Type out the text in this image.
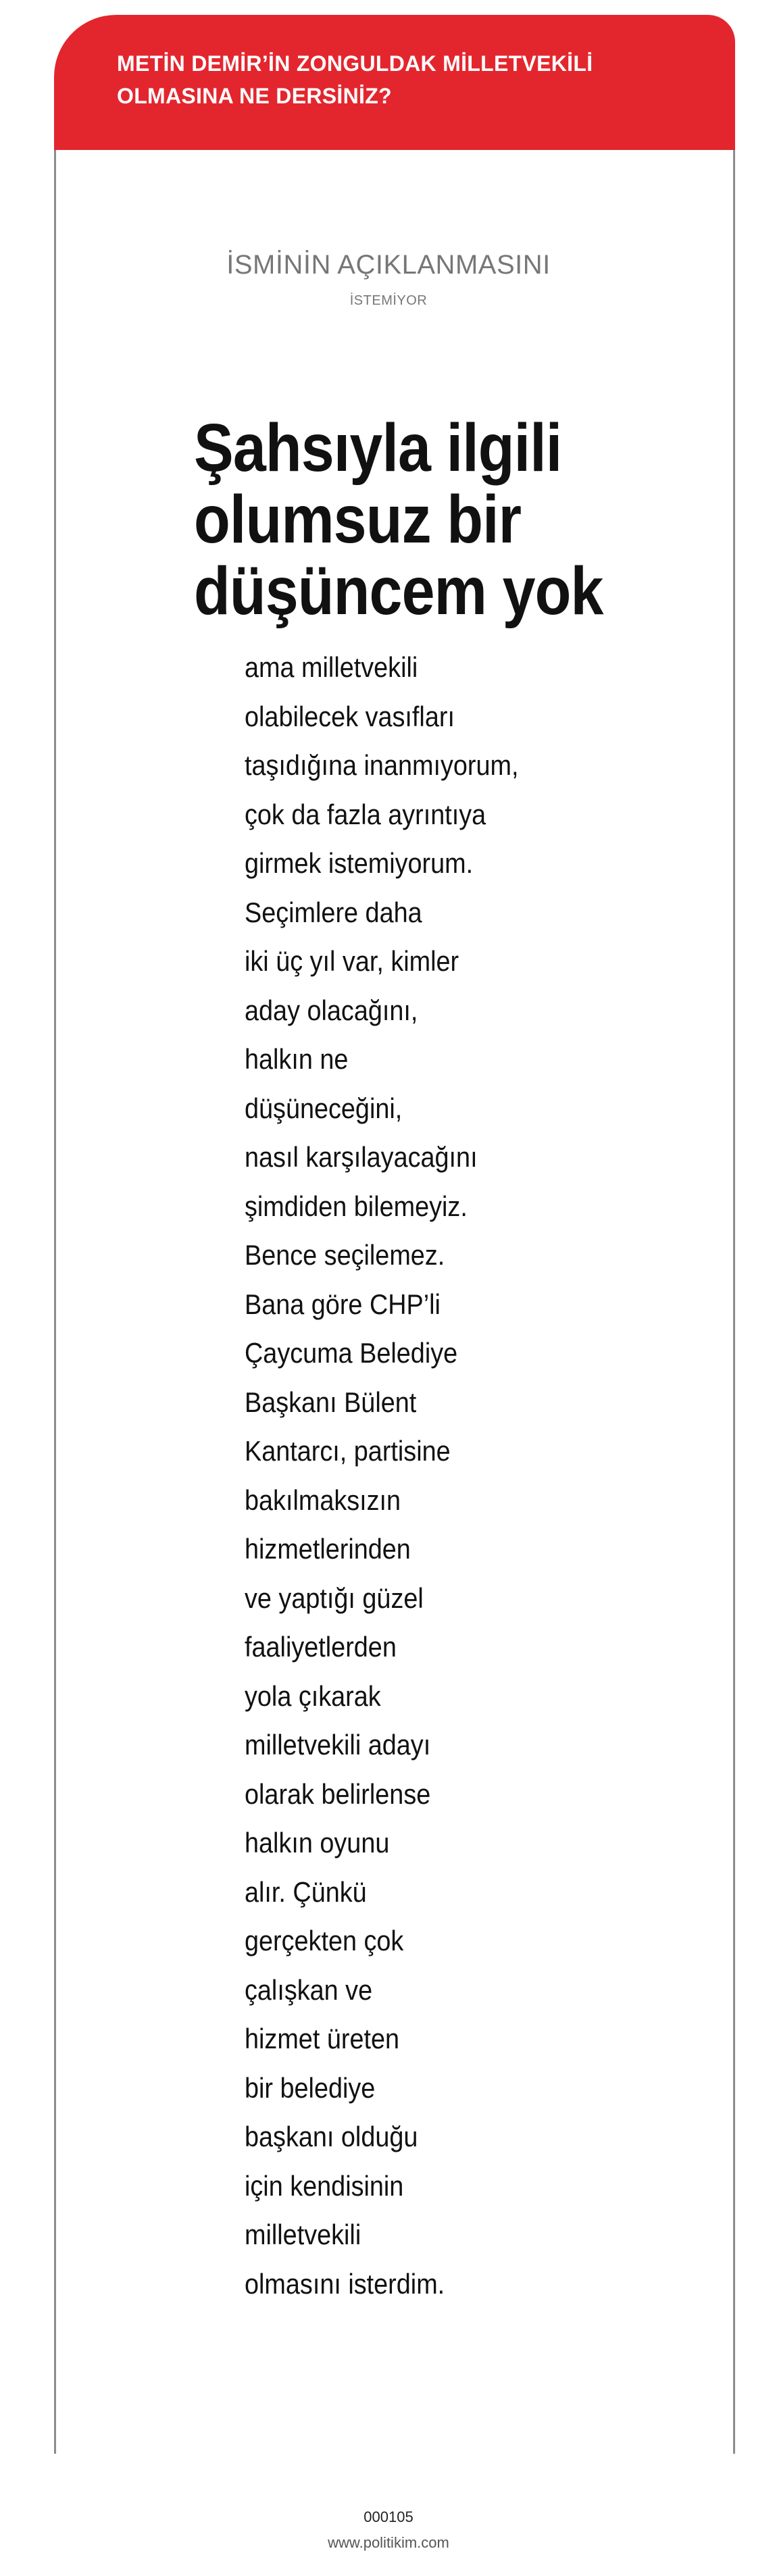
METİN DEMİR’İN ZONGULDAK MİLLETVEKİLİ
OLMASINA NE DERSİNİZ?
İSMİNİN AÇIKLANMASINI
İSTEMİYOR
Şahsıyla ilgili
olumsuz bir
düşüncem yok
ama milletvekili
olabilecek vasıfları
taşıdığına inanmıyorum,
çok da fazla ayrıntıya
girmek istemiyorum.
Seçimlere daha
iki üç yıl var, kimler
aday olacağını,
halkın ne
düşüneceğini,
nasıl karşılayacağını
şimdiden bilemeyiz.
Bence seçilemez.
Bana göre CHP’li
Çaycuma Belediye
Başkanı Bülent
Kantarcı, partisine
bakılmaksızın
hizmetlerinden
ve yaptığı güzel
faaliyetlerden
yola çıkarak
milletvekili adayı
olarak belirlense
halkın oyunu
alır. Çünkü
gerçekten çok
çalışkan ve
hizmet üreten
bir belediye
başkanı olduğu
için kendisinin
milletvekili
olmasını isterdim.
000105
www.politikim.com
